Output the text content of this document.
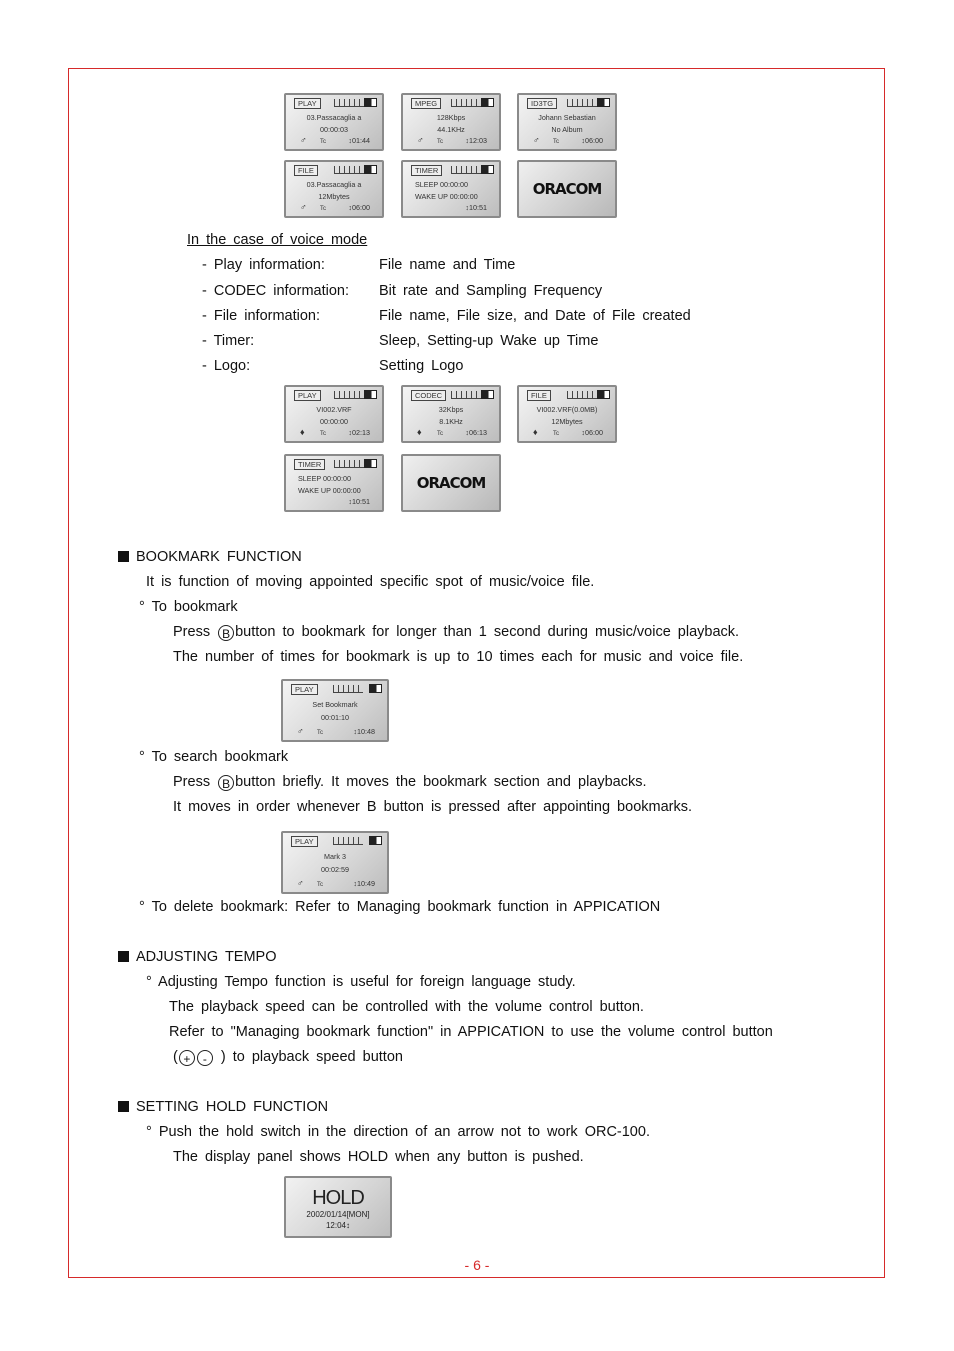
PLAY
03.Passacaglia a
00:00:03
♂ Tc	↕01:44
MPEG
128Kbps
44.1KHz
♂ Tc	↕12:03
ID3TG
Johann Sebastian
No Album
♂ Tc	↕06:00
FILE
03.Passacaglia a
12Mbytes
♂ Tc	↕06:00
TIMER
SLEEP 00:00:00
WAKE UP 00:00:00
↕10:51
ORACOM
In the case of voice mode
- Play information:	File name and Time
- CODEC information: Bit rate and Sampling Frequency
- File information:	File name, File size, and Date of File created
- Timer:	Sleep, Setting-up Wake up Time
- Logo:	Setting Logo
PLAY
VI002.VRF
00:00:00
♦	Tc	↕02:13
CODEC
32Kbps
8.1KHz
♦	Tc	↕06:13
FILE
VI002.VRF(0.0MB)
12Mbytes
♦	Tc	↕06:00
TIMER
SLEEP 00:00:00
WAKE UP 00:00:00
↕10:51
ORACOM
BOOKMARK FUNCTION
It is function of moving appointed specific spot of music/voice file.
° To bookmark
Press B button to bookmark for longer than 1 second during music/voice playback.
The number of times for bookmark is up to 10 times each for music and voice file.
PLAY
Set Bookmark
00:01:10
♂ Tc	↕10:48
° To search bookmark
Press B button briefly. It moves the bookmark section and playbacks.
It moves in order whenever B button is pressed after appointing bookmarks.
PLAY
Mark 3
00:02:59
♂ Tc	↕10:49
° To delete bookmark: Refer to Managing bookmark function in APPICATION
ADJUSTING TEMPO
° Adjusting Tempo function is useful for foreign language study.
The playback speed can be controlled with the volume control button.
Refer to "Managing bookmark function" in APPICATION to use the volume control button
( + - ) to playback speed button
SETTING HOLD FUNCTION
° Push the hold switch in the direction of an arrow not to work ORC-100.
The display panel shows HOLD when any button is pushed.
HOLD
2002/01/14[MON]
12:04↕
- 6 -
